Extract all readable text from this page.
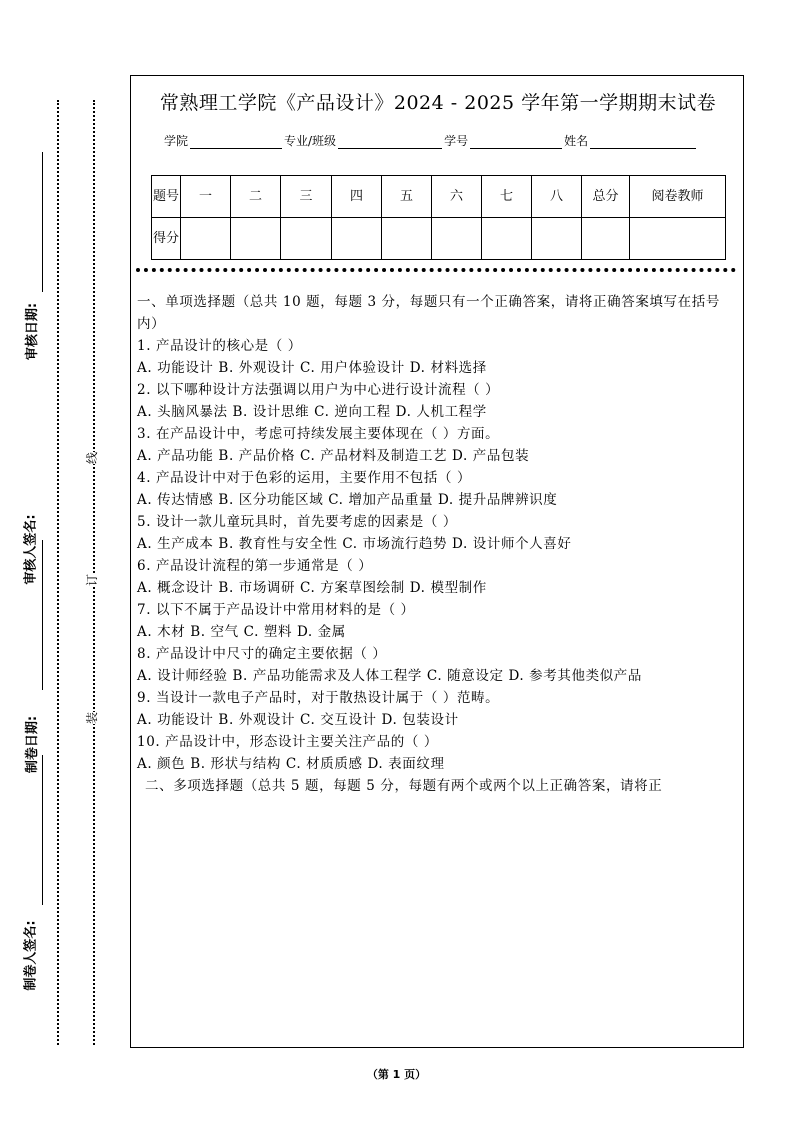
审核日期:
审核人签名:
制卷日期:
制卷人签名:
线
订
装
常熟理工学院《产品设计》2024 - 2025 学年第一学期期末试卷
学院	专业/班级	学号	姓名
题号	一	二	三	四	五	六	七	八	总分	阅卷教师
得分										

一、单项选择题（总共 10 题，每题 3 分，每题只有一个正确答案，请将正确答案填写在括号内）

1. 产品设计的核心是（ ）

A. 功能设计 B. 外观设计 C. 用户体验设计 D. 材料选择

2. 以下哪种设计方法强调以用户为中心进行设计流程（ ）

A. 头脑风暴法 B. 设计思维 C. 逆向工程 D. 人机工程学

3. 在产品设计中，考虑可持续发展主要体现在（ ）方面。

A. 产品功能 B. 产品价格 C. 产品材料及制造工艺 D. 产品包装

4. 产品设计中对于色彩的运用，主要作用不包括（ ）

A. 传达情感 B. 区分功能区域 C. 增加产品重量 D. 提升品牌辨识度

5. 设计一款儿童玩具时，首先要考虑的因素是（ ）

A. 生产成本 B. 教育性与安全性 C. 市场流行趋势 D. 设计师个人喜好

6. 产品设计流程的第一步通常是（ ）

A. 概念设计 B. 市场调研 C. 方案草图绘制 D. 模型制作

7. 以下不属于产品设计中常用材料的是（ ）

A. 木材 B. 空气 C. 塑料 D. 金属

8. 产品设计中尺寸的确定主要依据（ ）

A. 设计师经验 B. 产品功能需求及人体工程学 C. 随意设定 D. 参考其他类似产品

9. 当设计一款电子产品时，对于散热设计属于（ ）范畴。

A. 功能设计 B. 外观设计 C. 交互设计 D. 包装设计

10. 产品设计中，形态设计主要关注产品的（ ）

A. 颜色 B. 形状与结构 C. 材质质感 D. 表面纹理

二、多项选择题（总共 5 题，每题 5 分，每题有两个或两个以上正确答案，请将正

（第 1 页）
